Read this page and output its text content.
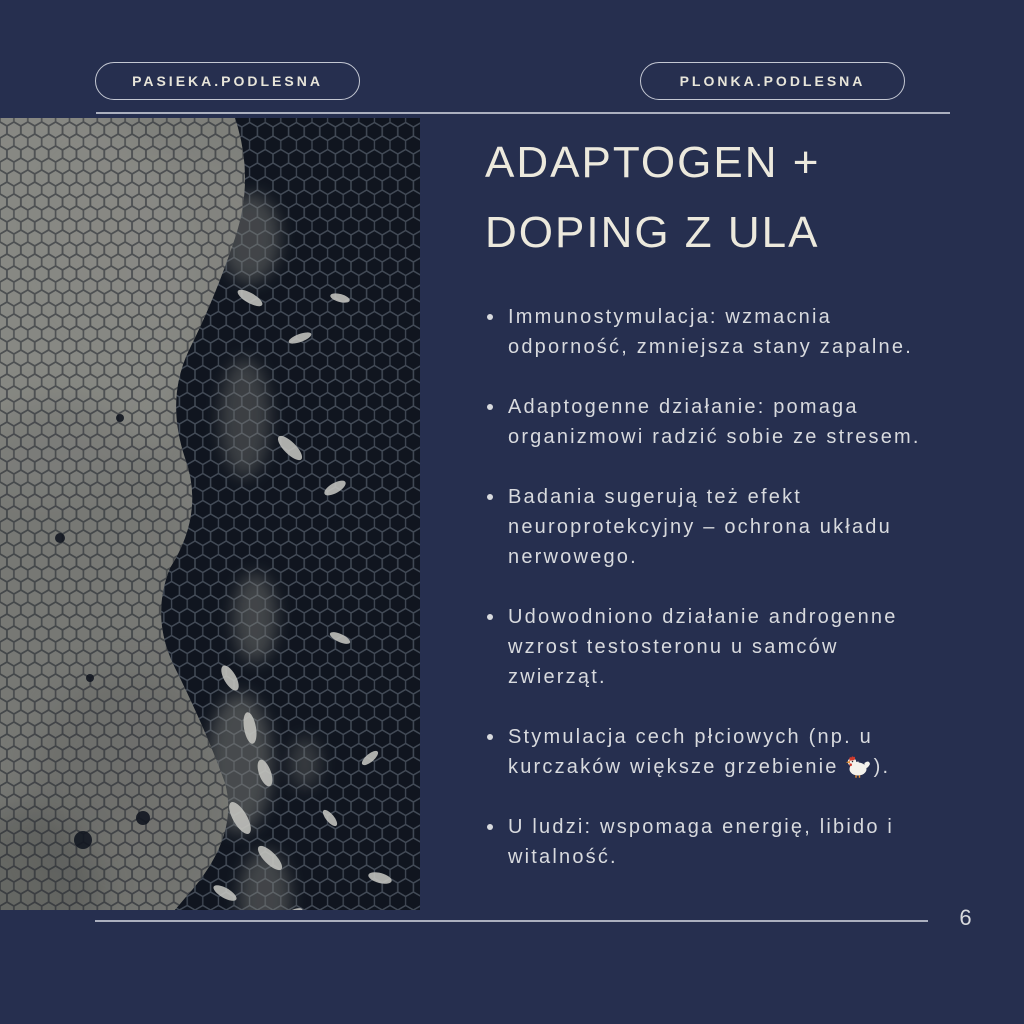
PASIEKA.PODLESNA	PLONKA.PODLESNA
ADAPTOGEN +
DOPING Z ULA
Immunostymulacja: wzmacnia
odporność, zmniejsza stany zapalne.
Adaptogenne działanie: pomaga
organizmowi radzić sobie ze stresem.
Badania sugerują też efekt
neuroprotekcyjny – ochrona układu
nerwowego.
Udowodniono działanie androgenne
wzrost testosteronu u samców
zwierząt.
Stymulacja cech płciowych (np. u
kurczaków większe grzebienie ).
U ludzi: wspomaga energię, libido i
witalność.
6
